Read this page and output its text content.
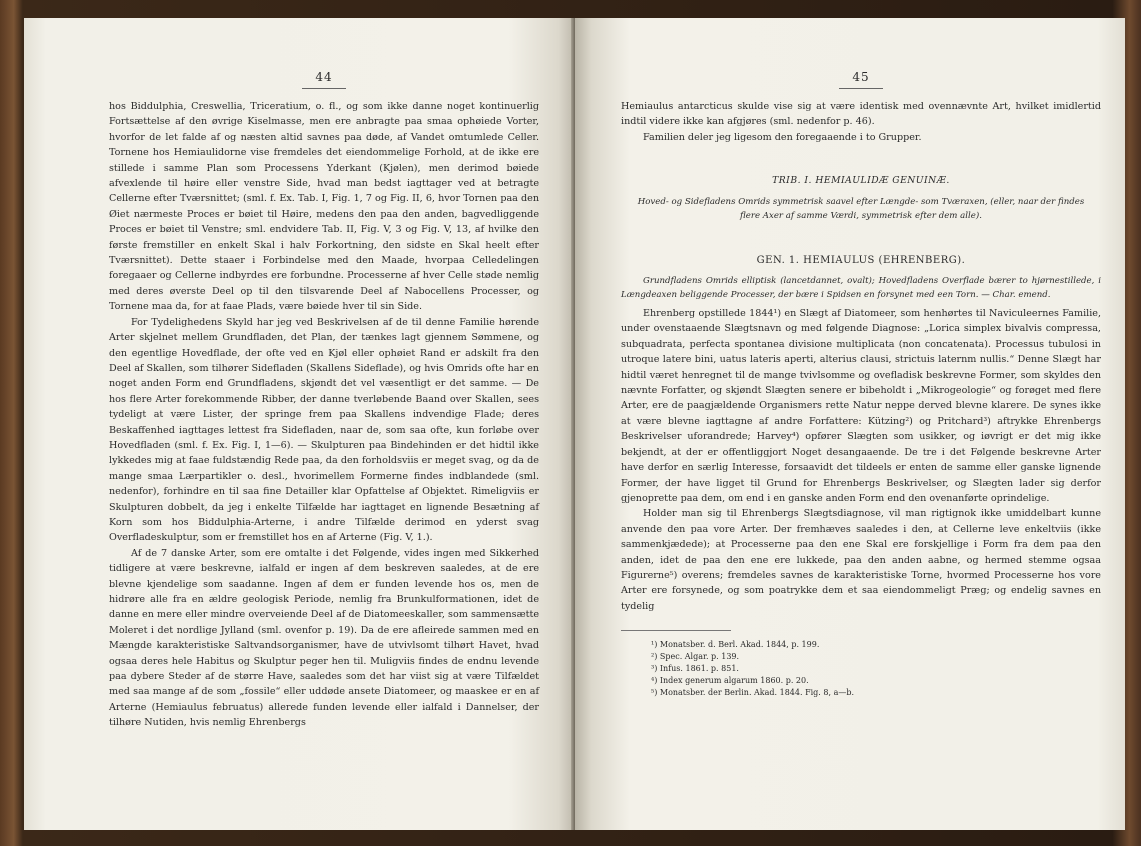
44

hos Biddulphia, Creswellia, Triceratium, o. fl., og som ikke danne noget kontinuerlig Fortsættelse af den øvrige Kiselmasse, men ere anbragte paa smaa ophøiede Vorter, hvorfor de let falde af og næsten altid savnes paa døde, af Vandet omtumlede Celler. Tornene hos Hemiaulidorne vise fremdeles det eiendommelige Forhold, at de ikke ere stillede i samme Plan som Processens Yderkant (Kjølen), men derimod bøiede afvexlende til høire eller venstre Side, hvad man bedst iagttager ved at betragte Cellerne efter Tværsnittet; (sml. f. Ex. Tab. I, Fig. 1, 7 og Fig. II, 6, hvor Tornen paa den Øiet nærmeste Proces er bøiet til Høire, medens den paa den anden, bagvedliggende Proces er bøiet til Venstre; sml. endvidere Tab. II, Fig. V, 3 og Fig. V, 13, af hvilke den første fremstiller en enkelt Skal i halv Forkortning, den sidste en Skal heelt efter Tværsnittet). Dette staaer i Forbindelse med den Maade, hvorpaa Celledelingen foregaaer og Cellerne indbyrdes ere forbundne. Processerne af hver Celle støde nemlig med deres øverste Deel op til den tilsvarende Deel af Nabocellens Processer, og Tornene maa da, for at faae Plads, være bøiede hver til sin Side.

For Tydelighedens Skyld har jeg ved Beskrivelsen af de til denne Familie hørende Arter skjelnet mellem Grundfladen, det Plan, der tænkes lagt gjennem Sømmene, og den egentlige Hovedflade, der ofte ved en Kjøl eller ophøiet Rand er adskilt fra den Deel af Skallen, som tilhører Sidefladen (Skallens Sideflade), og hvis Omrids ofte har en noget anden Form end Grundfladens, skjøndt det vel væsentligt er det samme. — De hos flere Arter forekommende Ribber, der danne tverløbende Baand over Skallen, sees tydeligt at være Lister, der springe frem paa Skallens indvendige Flade; deres Beskaffenhed iagttages lettest fra Sidefladen, naar de, som saa ofte, kun forløbe over Hovedfladen (sml. f. Ex. Fig. I, 1—6). — Skulpturen paa Bindehinden er det hidtil ikke lykkedes mig at faae fuldstændig Rede paa, da den forholdsviis er meget svag, og da de mange smaa Lærpartikler o. desl., hvorimellem Formerne findes indblandede (sml. nedenfor), forhindre en til saa fine Detailler klar Opfattelse af Objektet. Rimeligviis er Skulpturen dobbelt, da jeg i enkelte Tilfælde har iagttaget en lignende Besætning af Korn som hos Biddulphia-Arterne, i andre Tilfælde derimod en yderst svag Overfladeskulptur, som er fremstillet hos en af Arterne (Fig. V, 1.).

Af de 7 danske Arter, som ere omtalte i det Følgende, vides ingen med Sikkerhed tidligere at være beskrevne, ialfald er ingen af dem beskreven saaledes, at de ere blevne kjendelige som saadanne. Ingen af dem er funden levende hos os, men de hidrøre alle fra en ældre geologisk Periode, nemlig fra Brunkulformationen, idet de danne en mere eller mindre overveiende Deel af de Diatomeeskaller, som sammensætte Moleret i det nordlige Jylland (sml. ovenfor p. 19). Da de ere afleirede sammen med en Mængde karakteristiske Saltvandsorganismer, have de utvivlsomt tilhørt Havet, hvad ogsaa deres hele Habitus og Skulptur peger hen til. Muligviis findes de endnu levende paa dybere Steder af de større Have, saaledes som det har viist sig at være Tilfældet med saa mange af de som „fossile“ eller uddøde ansete Diatomeer, og maaskee er en af Arterne (Hemiaulus februatus) allerede funden levende eller ialfald i Dannelser, der tilhøre Nutiden, hvis nemlig Ehrenbergs

45

Hemiaulus antarcticus skulde vise sig at være identisk med ovennævnte Art, hvilket imidlertid indtil videre ikke kan afgjøres (sml. nedenfor p. 46).

Familien deler jeg ligesom den foregaaende i to Grupper.

TRIB. I. HEMIAULIDÆ GENUINÆ.
Hoved- og Sidefladens Omrids symmetrisk saavel efter Længde- som Tværaxen, (eller, naar der findes flere Axer af samme Værdi, symmetrisk efter dem alle).
GEN. 1. HEMIAULUS (EHRENBERG).
Grundfladens Omrids elliptisk (lancetdannet, ovalt); Hovedfladens Overflade bærer to hjørnestillede, i Længdeaxen beliggende Processer, der bære i Spidsen en forsynet med een Torn. — Char. emend.

Ehrenberg opstillede 1844¹) en Slægt af Diatomeer, som henhørtes til Naviculeernes Familie, under ovenstaaende Slægtsnavn og med følgende Diagnose: „Lorica simplex bivalvis compressa, subquadrata, perfecta spontanea divisione multiplicata (non concatenata). Processus tubulosi in utroque latere bini, uatus lateris aperti, alterius clausi, strictuis laternm nullis.“ Denne Slægt har hidtil været henregnet til de mange tvivlsomme og ovefladisk beskrevne Former, som skyldes den nævnte Forfatter, og skjøndt Slægten senere er bibeholdt i „Mikrogeologie“ og forøget med flere Arter, ere de paagjældende Organismers rette Natur neppe derved blevne klarere. De synes ikke at være blevne iagttagne af andre Forfattere: Kützing²) og Pritchard³) aftrykke Ehrenbergs Beskrivelser uforandrede; Harvey⁴) opfører Slægten som usikker, og iøvrigt er det mig ikke bekjendt, at der er offentliggjort Noget desangaaende. De tre i det Følgende beskrevne Arter have derfor en særlig Interesse, forsaavidt det tildeels er enten de samme eller ganske lignende Former, der have ligget til Grund for Ehrenbergs Beskrivelser, og Slægten lader sig derfor gjenoprette paa dem, om end i en ganske anden Form end den ovenanførte oprindelige.

Holder man sig til Ehrenbergs Slægtsdiagnose, vil man rigtignok ikke umiddelbart kunne anvende den paa vore Arter. Der fremhæves saaledes i den, at Cellerne leve enkeltviis (ikke sammenkjædede); at Processerne paa den ene Skal ere forskjellige i Form fra dem paa den anden, idet de paa den ene ere lukkede, paa den anden aabne, og hermed stemme ogsaa Figurerne⁵) overens; fremdeles savnes de karakteristiske Torne, hvormed Processerne hos vore Arter ere forsynede, og som poatrykke dem et saa eiendommeligt Præg; og endelig savnes en tydelig

¹) Monatsber. d. Berl. Akad. 1844, p. 199.
²) Spec. Algar. p. 139.
³) Infus. 1861. p. 851.
⁴) Index generum algarum 1860. p. 20.
⁵) Monatsber. der Berlin. Akad. 1844. Fig. 8, a—b.
